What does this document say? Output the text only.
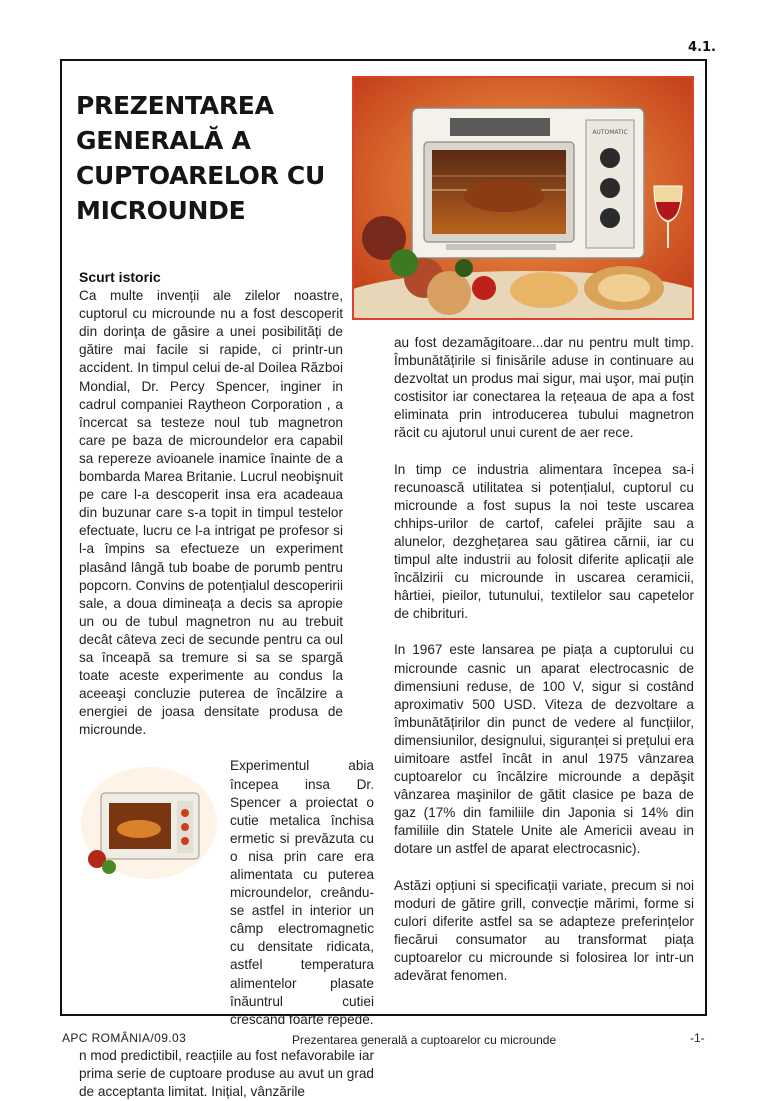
4.1.
PREZENTAREA GENERALĂ A CUPTOARELOR CU MICROUNDE
AUTOMATIC
Scurt istoric

Ca multe invenții ale zilelor noastre, cuptorul cu microunde nu a fost descoperit din dorința de găsire a unei posibilități de gătire mai facile si rapide, ci printr-un accident. In timpul celui de-al Doilea Război Mondial, Dr. Percy Spencer, inginer in cadrul companiei Raytheon Corporation , a încercat sa testeze noul tub magnetron care pe baza de microundelor era capabil sa repereze avioanele inamice înainte de a bombarda Marea Britanie. Lucrul neobişnuit pe care l-a descoperit insa era acadeaua din buzunar care s-a topit in timpul testelor efectuate, lucru ce l-a intrigat pe profesor si l-a împins sa efectueze un experiment plasând lângă tub boabe de porumb pentru popcorn. Convins de potențialul descoperirii sale, a doua dimineața a decis sa apropie un ou de tubul magnetron nu au trebuit decât câteva zeci de secunde pentru ca oul sa înceapă sa tremure si sa se spargă toate aceste experimente au condus la aceeaşi concluzie puterea de încălzire a energiei de joasa densitate produsa de microunde.

Experimentul abia începea insa Dr. Spencer a proiectat o cutie metalica închisa ermetic si prevăzuta cu o nisa prin care era alimentata cu puterea microundelor, creându-se astfel in interior un câmp electromagnetic cu densitate ridicata, astfel temperatura alimentelor plasate înăuntrul cutiei crescând foarte repede.

n mod predictibil, reacțiile au fost nefavorabile iar prima serie de cuptoare produse au avut un grad de acceptanta limitat. Inițial, vânzările

au fost dezamăgitoare...dar nu pentru mult timp. Îmbunătățirile si finisările aduse in continuare au dezvoltat un produs mai sigur, mai uşor, mai puțin costisitor iar conectarea la rețeaua de apa a fost eliminata prin introducerea tubului magnetron răcit cu ajutorul unui curent de aer rece.

In timp ce industria alimentara începea sa-i recunoască utilitatea si potențialul, cuptorul cu microunde a fost supus la noi teste uscarea chhips-urilor de cartof, cafelei prăjite sau a alunelor, dezghețarea sau gătirea cărnii, iar cu timpul alte industrii au folosit diferite aplicații ale încălzirii cu microunde in uscarea ceramicii, hârtiei, pieilor, tutunului, textilelor sau capetelor de chibrituri.

In 1967 este lansarea pe piața a cuptorului cu microunde casnic un aparat electrocasnic de dimensiuni reduse, de 100 V, sigur si costând aproximativ 500 USD. Viteza de dezvoltare a îmbunătățirilor din punct de vedere al funcțiilor, dimensiunilor, designului, siguranței si prețului era uimitoare astfel încât in anul 1975 vânzarea cuptoarelor cu încălzire microunde a depăşit vânzarea maşinilor de gătit clasice pe baza de gaz (17% din familiile din Japonia si 14% din familiile din Statele Unite ale Americii aveau in dotare un astfel de aparat electrocasnic).

Astăzi opțiuni si specificații variate, precum si noi moduri de gătire grill, convecție mărimi, forme si culori diferite astfel sa se adapteze preferințelor fiecărui consumator au transformat piața cuptoarelor cu microunde si folosirea lor intr-un adevărat fenomen.

APC ROMÂNIA/09.03	Prezentarea generală a cuptoarelor cu microunde	-1-
